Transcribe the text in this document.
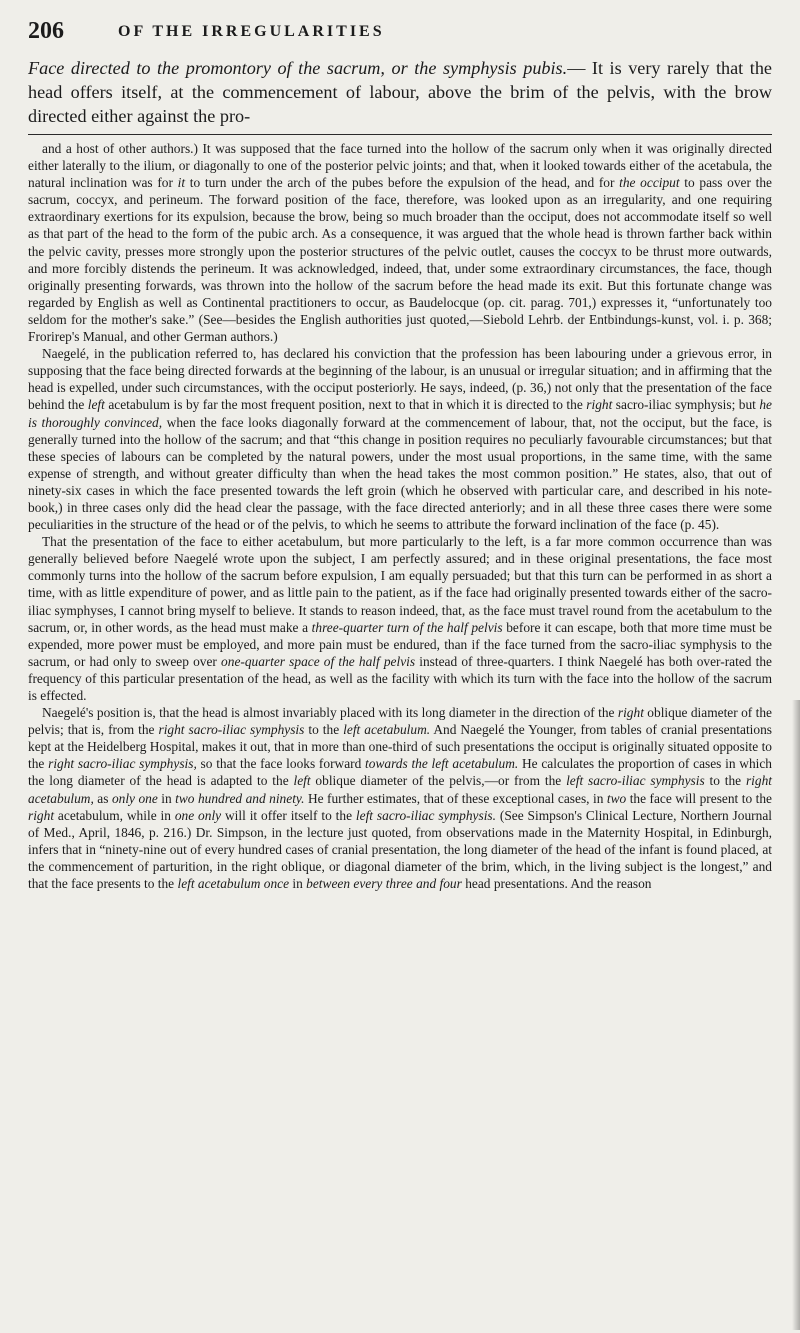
206	OF THE IRREGULARITIES

Face directed to the promontory of the sacrum, or the symphysis pubis.— It is very rarely that the head offers itself, at the commencement of labour, above the brim of the pelvis, with the brow directed either against the pro-

and a host of other authors.) It was supposed that the face turned into the hollow of the sacrum only when it was originally directed either laterally to the ilium, or diagonally to one of the posterior pelvic joints; and that, when it looked towards either of the acetabula, the natural inclination was for it to turn under the arch of the pubes before the expulsion of the head, and for the occiput to pass over the sacrum, coccyx, and perineum. The forward position of the face, therefore, was looked upon as an irregularity, and one requiring extraordinary exertions for its expulsion, because the brow, being so much broader than the occiput, does not accommodate itself so well as that part of the head to the form of the pubic arch. As a consequence, it was argued that the whole head is thrown farther back within the pelvic cavity, presses more strongly upon the posterior structures of the pelvic outlet, causes the coccyx to be thrust more outwards, and more forcibly distends the perineum. It was acknowledged, indeed, that, under some extraordinary circumstances, the face, though originally presenting forwards, was thrown into the hollow of the sacrum before the head made its exit. But this fortunate change was regarded by English as well as Continental practitioners to occur, as Baudelocque (op. cit. parag. 701,) expresses it, “unfortunately too seldom for the mother's sake.” (See—besides the English authorities just quoted,—Siebold Lehrb. der Entbindungs-kunst, vol. i. p. 368; Frorirep's Manual, and other German authors.)

Naegelé, in the publication referred to, has declared his conviction that the profession has been labouring under a grievous error, in supposing that the face being directed forwards at the beginning of the labour, is an unusual or irregular situation; and in affirming that the head is expelled, under such circumstances, with the occiput posteriorly. He says, indeed, (p. 36,) not only that the presentation of the face behind the left acetabulum is by far the most frequent position, next to that in which it is directed to the right sacro-iliac symphysis; but he is thoroughly convinced, when the face looks diagonally forward at the commencement of labour, that, not the occiput, but the face, is generally turned into the hollow of the sacrum; and that “this change in position requires no peculiarly favourable circumstances; but that these species of labours can be completed by the natural powers, under the most usual proportions, in the same time, with the same expense of strength, and without greater difficulty than when the head takes the most common position.” He states, also, that out of ninety-six cases in which the face presented towards the left groin (which he observed with particular care, and described in his note-book,) in three cases only did the head clear the passage, with the face directed anteriorly; and in all these three cases there were some peculiarities in the structure of the head or of the pelvis, to which he seems to attribute the forward inclination of the face (p. 45).

That the presentation of the face to either acetabulum, but more particularly to the left, is a far more common occurrence than was generally believed before Naegelé wrote upon the subject, I am perfectly assured; and in these original presentations, the face most commonly turns into the hollow of the sacrum before expulsion, I am equally persuaded; but that this turn can be performed in as short a time, with as little expenditure of power, and as little pain to the patient, as if the face had originally presented towards either of the sacro-iliac symphyses, I cannot bring myself to believe. It stands to reason indeed, that, as the face must travel round from the acetabulum to the sacrum, or, in other words, as the head must make a three-quarter turn of the half pelvis before it can escape, both that more time must be expended, more power must be employed, and more pain must be endured, than if the face turned from the sacro-iliac symphysis to the sacrum, or had only to sweep over one-quarter space of the half pelvis instead of three-quarters. I think Naegelé has both over-rated the frequency of this particular presentation of the head, as well as the facility with which its turn with the face into the hollow of the sacrum is effected.

Naegelé's position is, that the head is almost invariably placed with its long diameter in the direction of the right oblique diameter of the pelvis; that is, from the right sacro-iliac symphysis to the left acetabulum. And Naegelé the Younger, from tables of cranial presentations kept at the Heidelberg Hospital, makes it out, that in more than one-third of such presentations the occiput is originally situated opposite to the right sacro-iliac symphysis, so that the face looks forward towards the left acetabulum. He calculates the proportion of cases in which the long diameter of the head is adapted to the left oblique diameter of the pelvis,—or from the left sacro-iliac symphysis to the right acetabulum, as only one in two hundred and ninety. He further estimates, that of these exceptional cases, in two the face will present to the right acetabulum, while in one only will it offer itself to the left sacro-iliac symphysis. (See Simpson's Clinical Lecture, Northern Journal of Med., April, 1846, p. 216.) Dr. Simpson, in the lecture just quoted, from observations made in the Maternity Hospital, in Edinburgh, infers that in “ninety-nine out of every hundred cases of cranial presentation, the long diameter of the head of the infant is found placed, at the commencement of parturition, in the right oblique, or diagonal diameter of the brim, which, in the living subject is the longest,” and that the face presents to the left acetabulum once in between every three and four head presentations. And the reason
